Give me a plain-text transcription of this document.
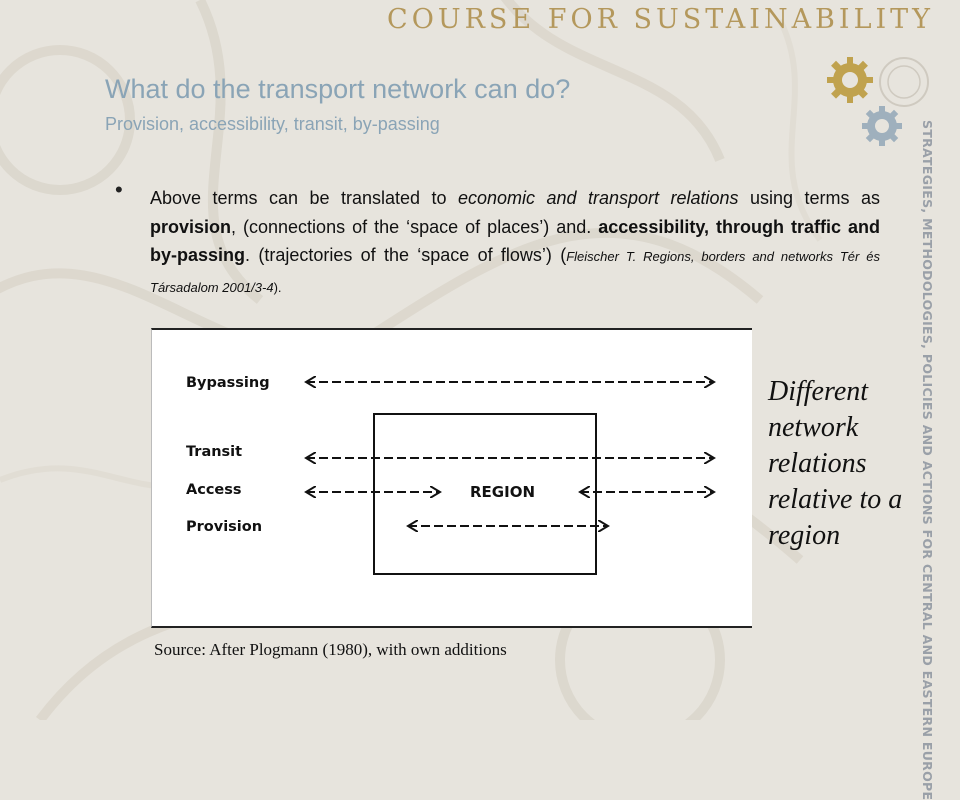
COURSE FOR SUSTAINABILITY
STRATEGIES, METHODOLOGIES, POLICIES AND ACTIONS FOR CENTRAL AND EASTERN EUROPE
What do the transport network can do?
Provision, accessibility, transit, by-passing
• Above terms can be translated to economic and transport relations using terms as provision, (connections of the ‘space of places’) and. accessibility, through traffic and by-passing. (trajectories of the ‘space of flows’) (Fleischer T. Regions, borders and networks Tér és Társadalom 2001/3-4).
REGION
Bypassing
Transit
Access
Provision
Different network relations relative to a region
Source: After Plogmann (1980), with own additions
